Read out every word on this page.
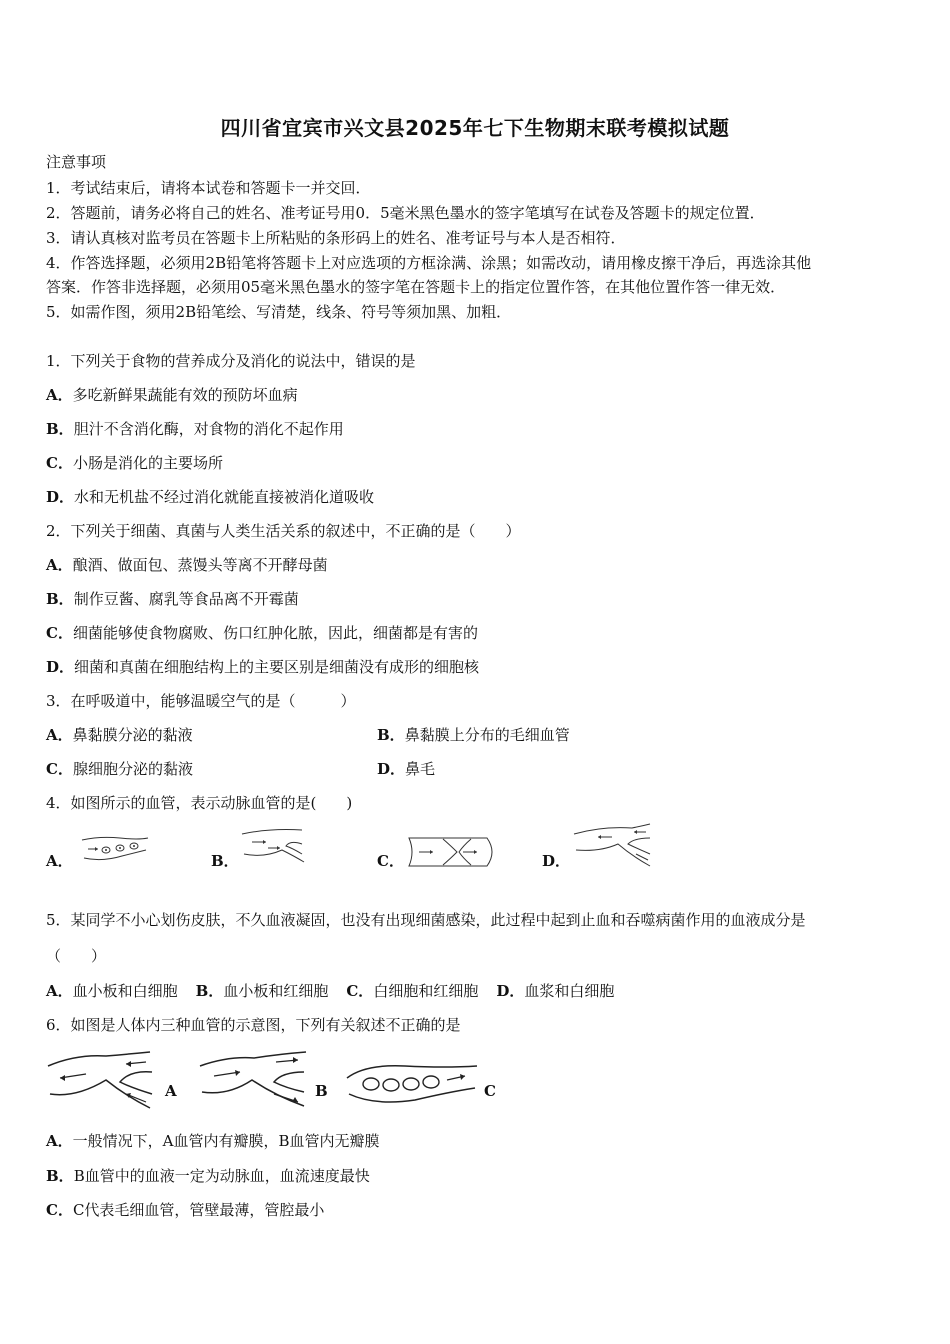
四川省宜宾市兴文县2025年七下生物期末联考模拟试题
注意事项
1．考试结束后，请将本试卷和答题卡一并交回．
2．答题前，请务必将自己的姓名、准考证号用0．5毫米黑色墨水的签字笔填写在试卷及答题卡的规定位置．
3．请认真核对监考员在答题卡上所粘贴的条形码上的姓名、准考证号与本人是否相符．
4．作答选择题，必须用2B铅笔将答题卡上对应选项的方框涂满、涂黑；如需改动，请用橡皮擦干净后，再选涂其他
答案．作答非选择题，必须用05毫米黑色墨水的签字笔在答题卡上的指定位置作答，在其他位置作答一律无效．
5．如需作图，须用2B铅笔绘、写清楚，线条、符号等须加黑、加粗．
1．下列关于食物的营养成分及消化的说法中，错误的是
A．多吃新鲜果蔬能有效的预防坏血病
B．胆汁不含消化酶，对食物的消化不起作用
C．小肠是消化的主要场所
D．水和无机盐不经过消化就能直接被消化道吸收
2．下列关于细菌、真菌与人类生活关系的叙述中，不正确的是（　　）
A．酿酒、做面包、蒸馒头等离不开酵母菌
B．制作豆酱、腐乳等食品离不开霉菌
C．细菌能够使食物腐败、伤口红肿化脓，因此，细菌都是有害的
D．细菌和真菌在细胞结构上的主要区别是细菌没有成形的细胞核
3．在呼吸道中，能够温暖空气的是（　　　）
A．鼻黏膜分泌的黏液	B．鼻黏膜上分布的毛细血管
C．腺细胞分泌的黏液	D．鼻毛
4．如图所示的血管，表示动脉血管的是(　　)
A．	B．	C．	D．
5．某同学不小心划伤皮肤，不久血液凝固，也没有出现细菌感染，此过程中起到止血和吞噬病菌作用的血液成分是
（　　）
A．血小板和白细胞 B．血小板和红细胞 C．白细胞和红细胞 D．血浆和白细胞
6．如图是人体内三种血管的示意图，下列有关叙述不正确的是
A	B	C
A．一般情况下，A血管内有瓣膜，B血管内无瓣膜
B．B血管中的血液一定为动脉血，血流速度最快
C．C代表毛细血管，管壁最薄，管腔最小
